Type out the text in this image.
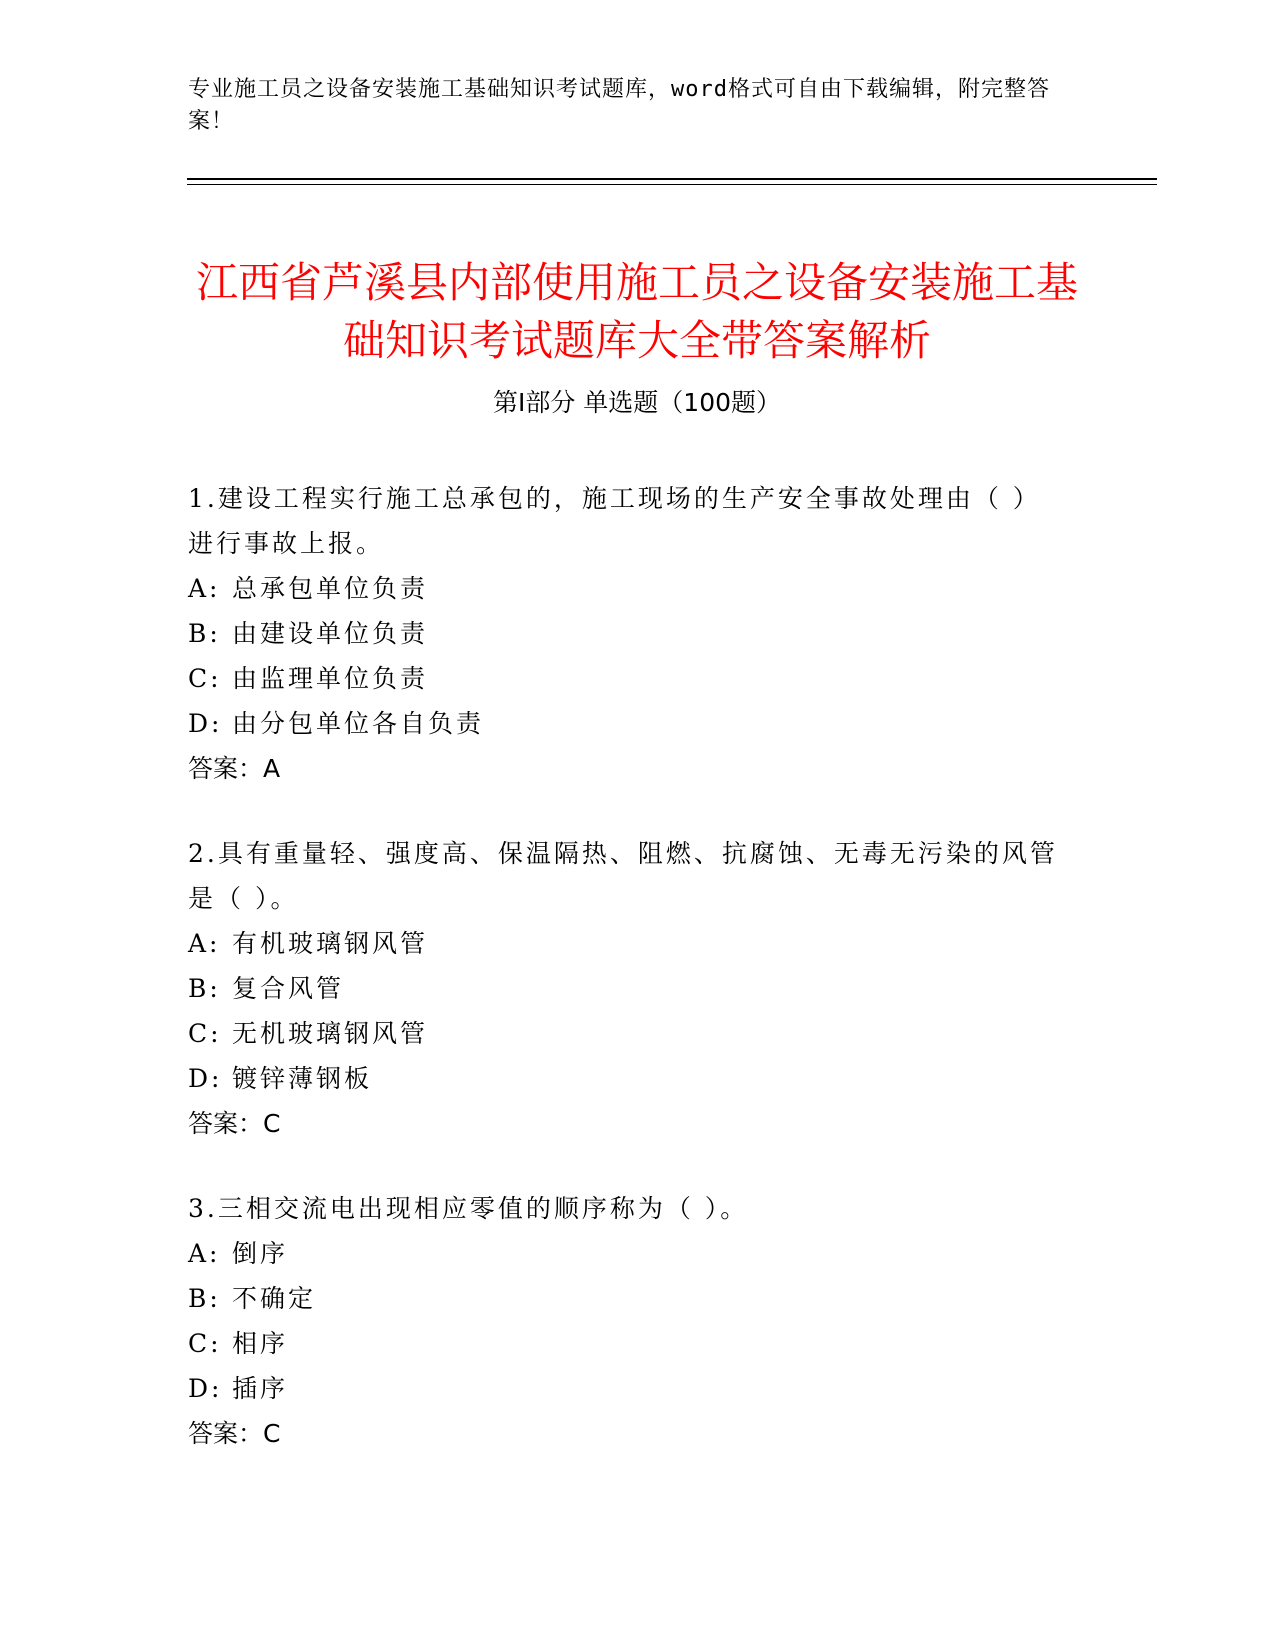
专业施工员之设备安装施工基础知识考试题库，word格式可自由下载编辑，附完整答案！
江西省芦溪县内部使用施工员之设备安装施工基础知识考试题库大全带答案解析
第Ⅰ部分 单选题（100题）

1.建设工程实行施工总承包的，施工现场的生产安全事故处理由（ ）进行事故上报。

A: 总承包单位负责

B: 由建设单位负责

C: 由监理单位负责

D: 由分包单位各自负责

答案：A

2.具有重量轻、强度高、保温隔热、阻燃、抗腐蚀、无毒无污染的风管是（ ）。

A: 有机玻璃钢风管

B: 复合风管

C: 无机玻璃钢风管

D: 镀锌薄钢板

答案：C

3.三相交流电出现相应零值的顺序称为（ ）。

A: 倒序

B: 不确定

C: 相序

D: 插序

答案：C
